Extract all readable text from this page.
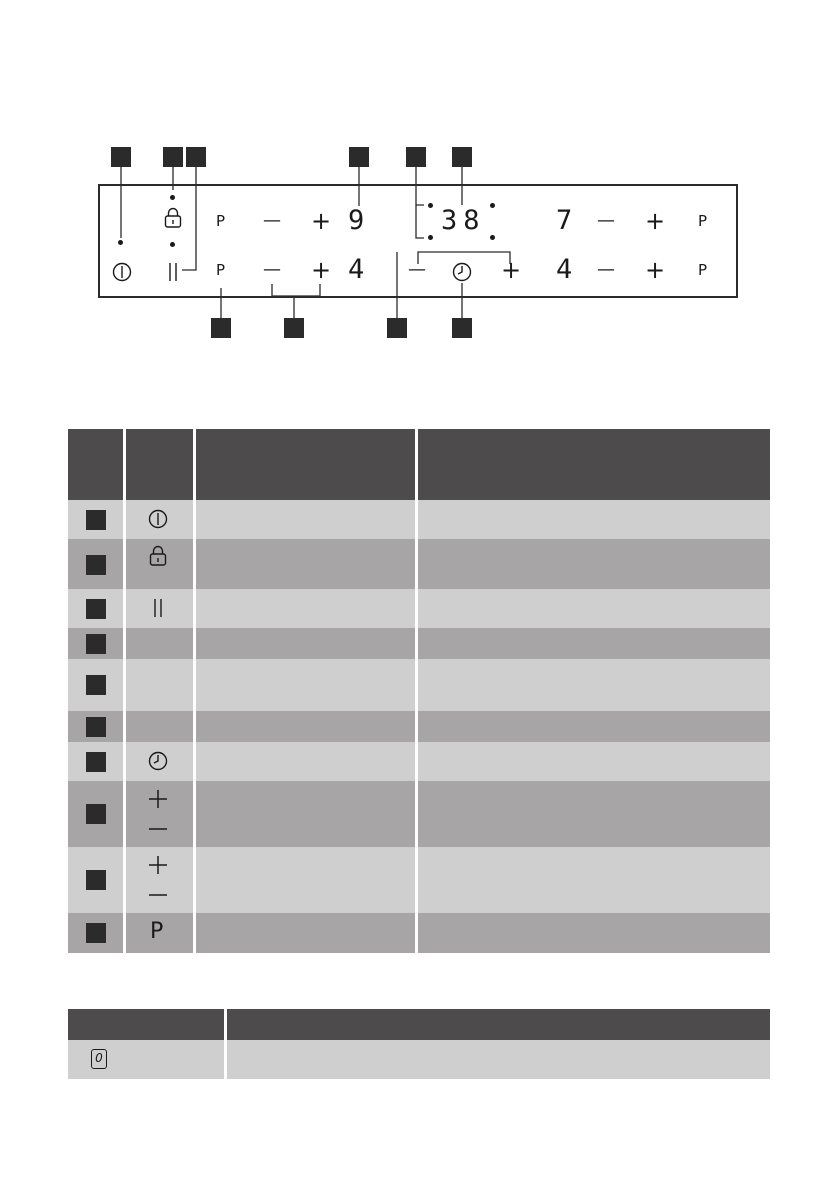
P — + 9
P — + 4
38
—	+
7 — + P
4 — + P
P
0
